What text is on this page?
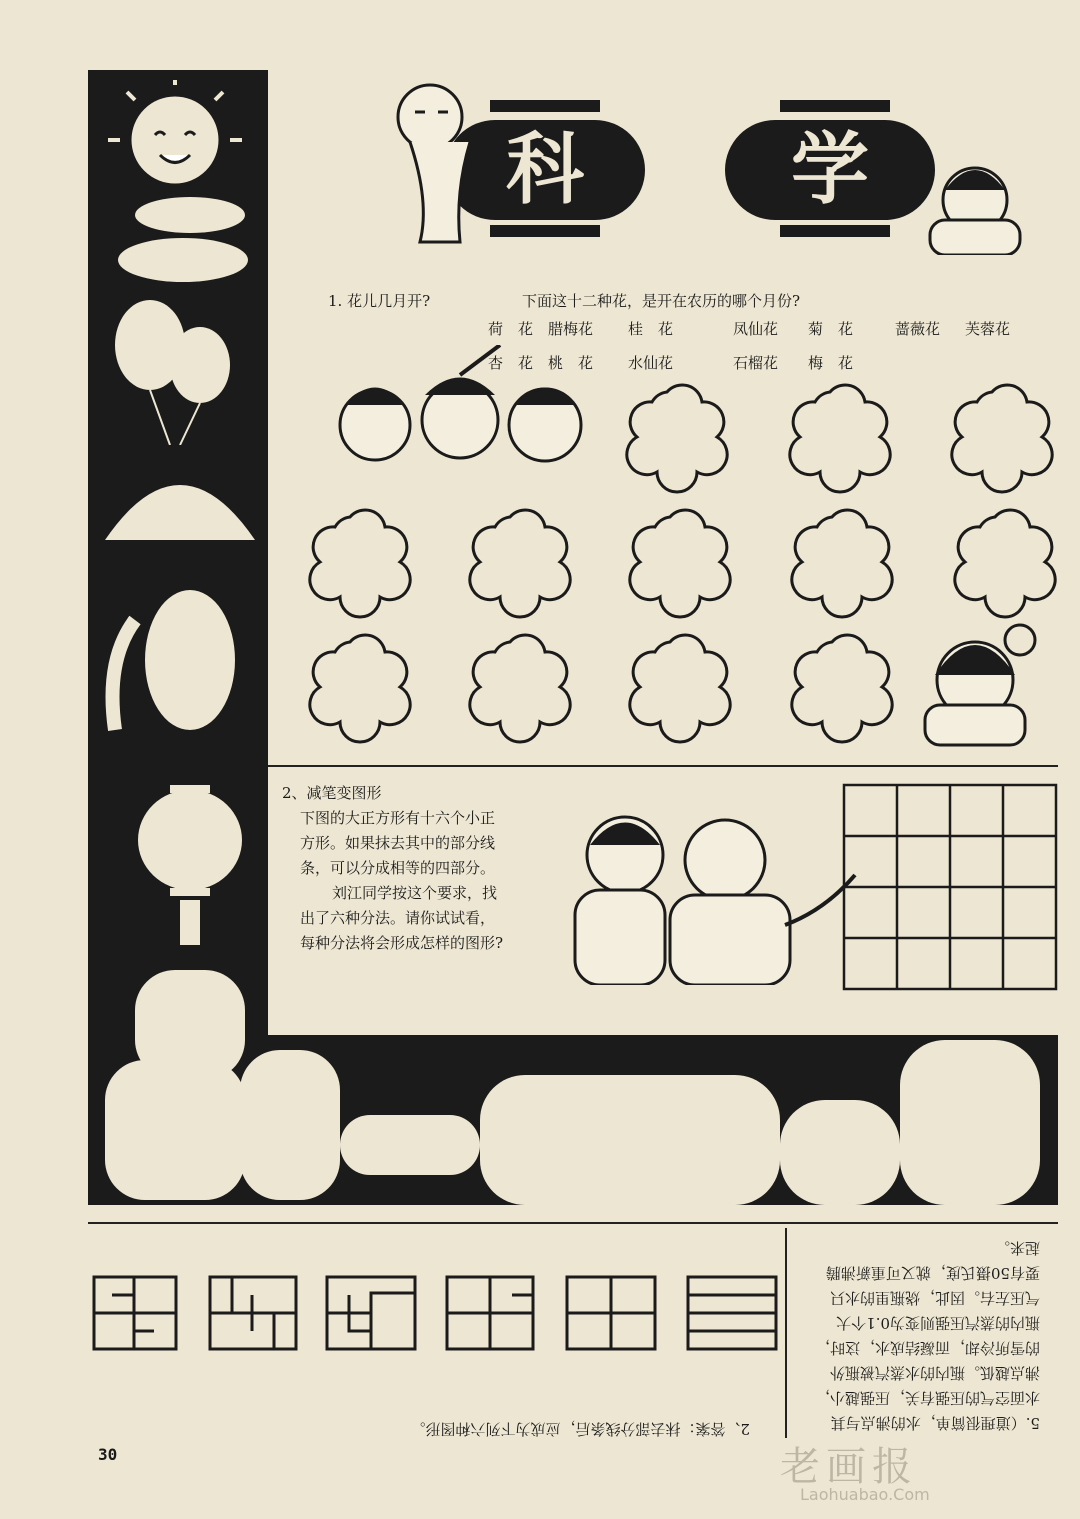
科	学
1. 花儿几月开?	下面这十二种花，是开在农历的哪个月份?
荷　花 腊梅花 桂　花	凤仙花 菊　花	蔷薇花 芙蓉花
杏　花 桃　花 水仙花	石榴花 梅　花
2、减笔变图形
下图的大正方形有十六个小正
方形。如果抹去其中的部分线
条，可以分成相等的四部分。
刘江同学按这个要求，找
出了六种分法。请你试试看，
每种分法将会形成怎样的图形?
2、答案：抹去部分线条后，应成为下列六种图形。	5.（道理很简单，水的沸点与其
水面空气的压强有关，压强越小，
沸点越低。瓶内的水蒸汽被瓶外
的雪所冷却，而凝结成水，这时，
瓶内的蒸汽压强则变为0.1个大
气压左右。因此，烧瓶里的水只
要有50摄氏度，就又可重新沸腾
起来。
30	老画报
Laohuabao.Com
